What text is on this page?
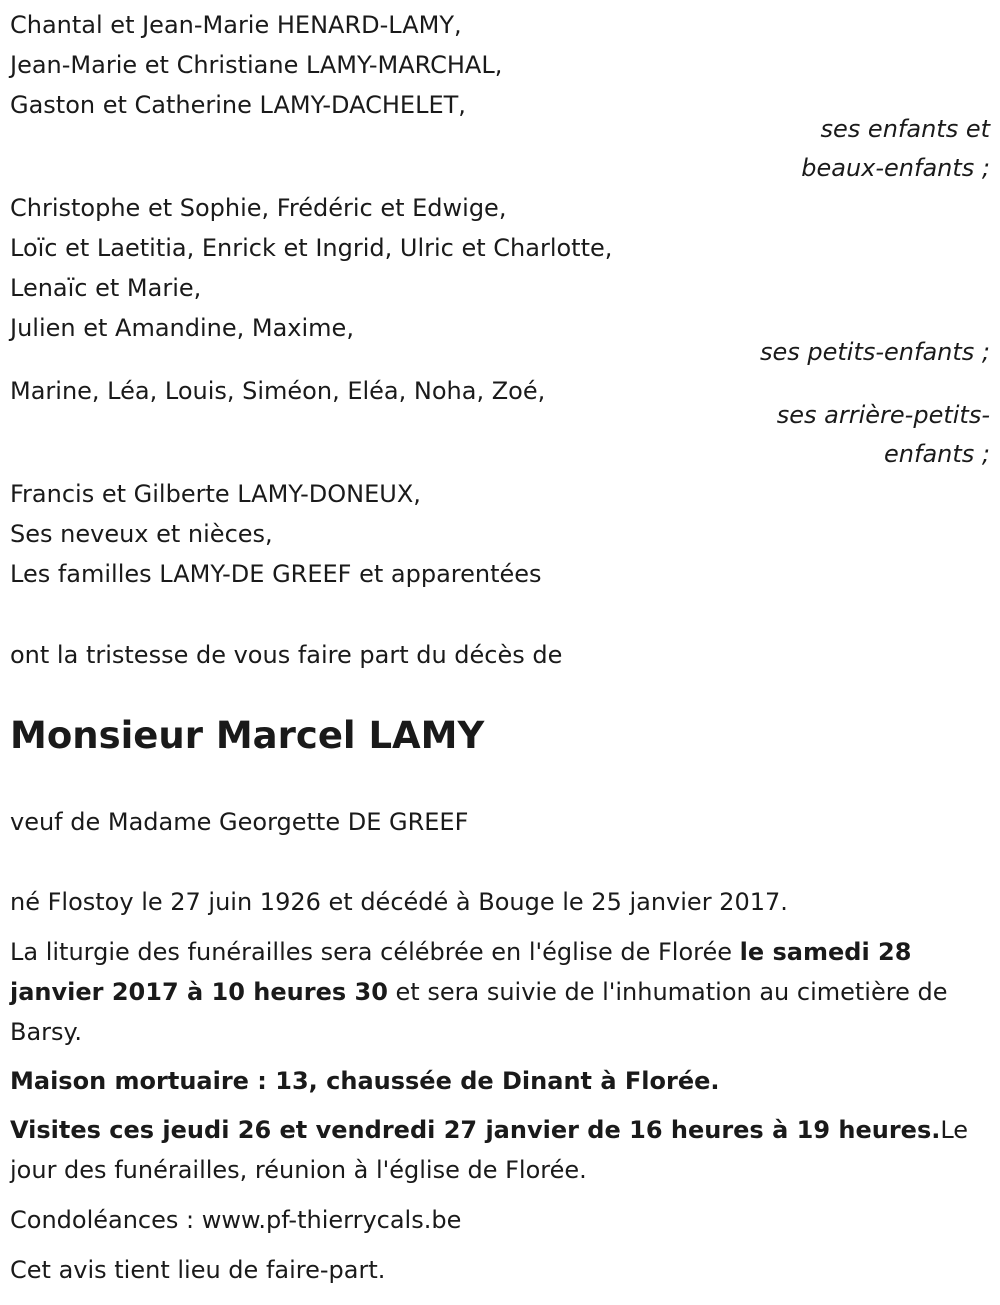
Chantal et Jean-Marie HENARD-LAMY,
Jean-Marie et Christiane LAMY-MARCHAL,
Gaston et Catherine LAMY-DACHELET,
ses enfants et
beaux-enfants ;
Christophe et Sophie, Frédéric et Edwige,
Loïc et Laetitia, Enrick et Ingrid, Ulric et Charlotte,
Lenaïc et Marie,
Julien et Amandine, Maxime,
ses petits-enfants ;
Marine, Léa, Louis, Siméon, Eléa, Noha, Zoé,
ses arrière-petits-
enfants ;
Francis et Gilberte LAMY-DONEUX,
Ses neveux et nièces,
Les familles LAMY-DE GREEF et apparentées
ont la tristesse de vous faire part du décès de
Monsieur Marcel LAMY
veuf de Madame Georgette DE GREEF
né Flostoy le 27 juin 1926 et décédé à Bouge le 25 janvier 2017.
La liturgie des funérailles sera célébrée en l'église de Florée le samedi 28 janvier 2017 à 10 heures 30 et sera suivie de l'inhumation au cimetière de Barsy.
Maison mortuaire : 13, chaussée de Dinant à Florée.
Visites ces jeudi 26 et vendredi 27 janvier de 16 heures à 19 heures.Le jour des funérailles, réunion à l'église de Florée.
Condoléances : www.pf-thierrycals.be
Cet avis tient lieu de faire-part.
